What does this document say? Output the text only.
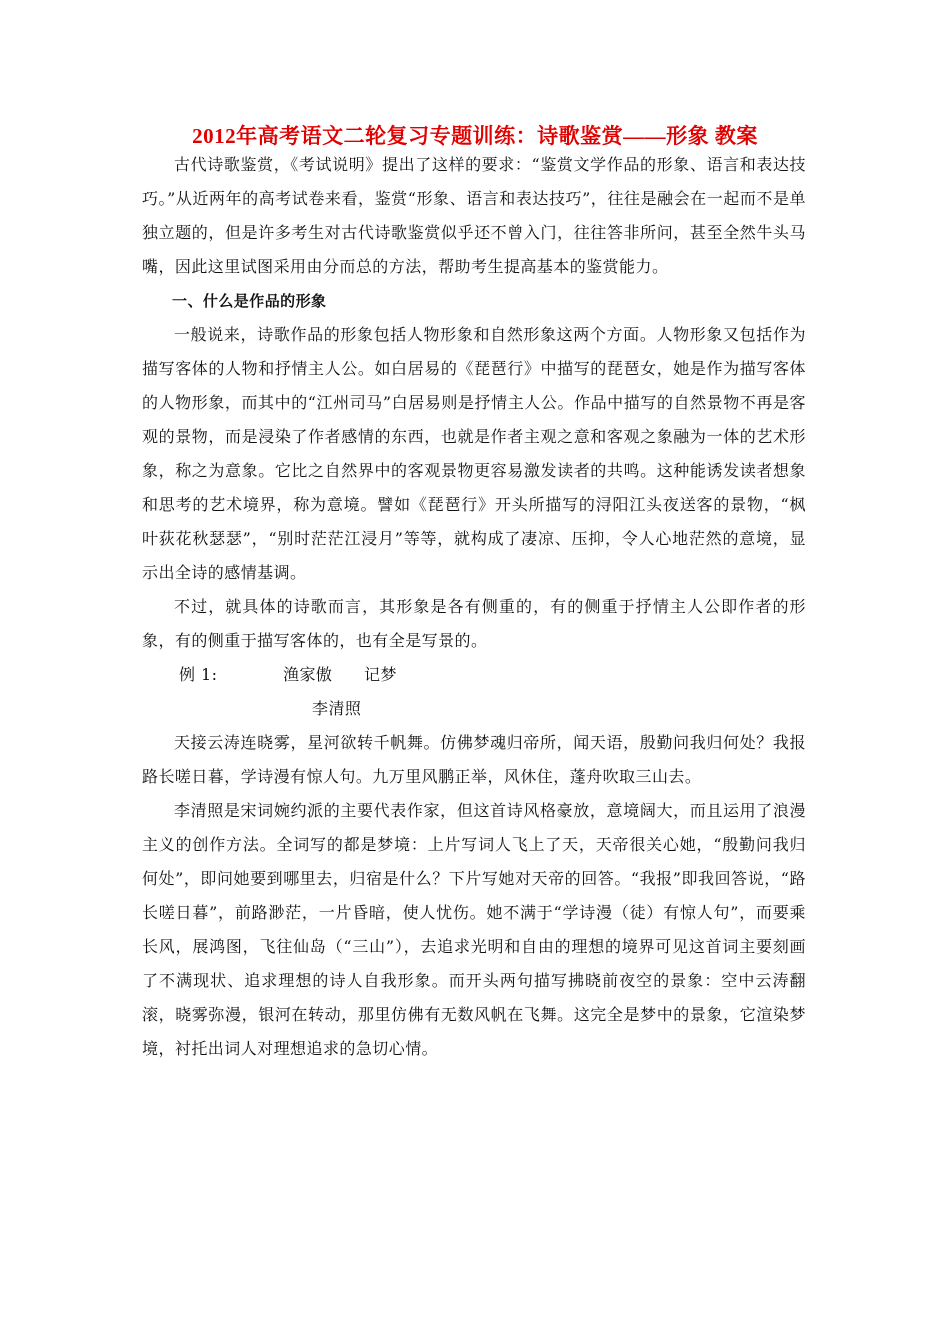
2012年高考语文二轮复习专题训练：诗歌鉴赏——形象 教案

古代诗歌鉴赏，《考试说明》提出了这样的要求：“鉴赏文学作品的形象、语言和表达技巧。”从近两年的高考试卷来看，鉴赏“形象、语言和表达技巧”，往往是融会在一起而不是单独立题的，但是许多考生对古代诗歌鉴赏似乎还不曾入门，往往答非所问，甚至全然牛头马嘴，因此这里试图采用由分而总的方法，帮助考生提高基本的鉴赏能力。

一、什么是作品的形象

一般说来，诗歌作品的形象包括人物形象和自然形象这两个方面。人物形象又包括作为描写客体的人物和抒情主人公。如白居易的《琵琶行》中描写的琵琶女，她是作为描写客体的人物形象，而其中的“江州司马”白居易则是抒情主人公。作品中描写的自然景物不再是客观的景物，而是浸染了作者感情的东西，也就是作者主观之意和客观之象融为一体的艺术形象，称之为意象。它比之自然界中的客观景物更容易激发读者的共鸣。这种能诱发读者想象和思考的艺术境界，称为意境。譬如《琵琶行》开头所描写的浔阳江头夜送客的景物，“枫叶荻花秋瑟瑟”，“别时茫茫江浸月”等等，就构成了凄凉、压抑，令人心地茫然的意境，显示出全诗的感情基调。

不过，就具体的诗歌而言，其形象是各有侧重的，有的侧重于抒情主人公即作者的形象，有的侧重于描写客体的，也有全是写景的。

例 1:	渔家傲 记梦
李清照

天接云涛连晓雾，星河欲转千帆舞。仿佛梦魂归帝所，闻天语，殷勤问我归何处？我报路长嗟日暮，学诗漫有惊人句。九万里风鹏正举，风休住，蓬舟吹取三山去。

李清照是宋词婉约派的主要代表作家，但这首诗风格豪放，意境阔大，而且运用了浪漫主义的创作方法。全词写的都是梦境：上片写词人飞上了天，天帝很关心她，“殷勤问我归何处”，即问她要到哪里去，归宿是什么？下片写她对天帝的回答。“我报”即我回答说，“路长嗟日暮”，前路渺茫，一片昏暗，使人忧伤。她不满于“学诗漫（徒）有惊人句”，而要乘长风，展鸿图，飞往仙岛（“三山”），去追求光明和自由的理想的境界可见这首词主要刻画了不满现状、追求理想的诗人自我形象。而开头两句描写拂晓前夜空的景象：空中云涛翻滚，晓雾弥漫，银河在转动，那里仿佛有无数风帆在飞舞。这完全是梦中的景象，它渲染梦境，衬托出词人对理想追求的急切心情。
